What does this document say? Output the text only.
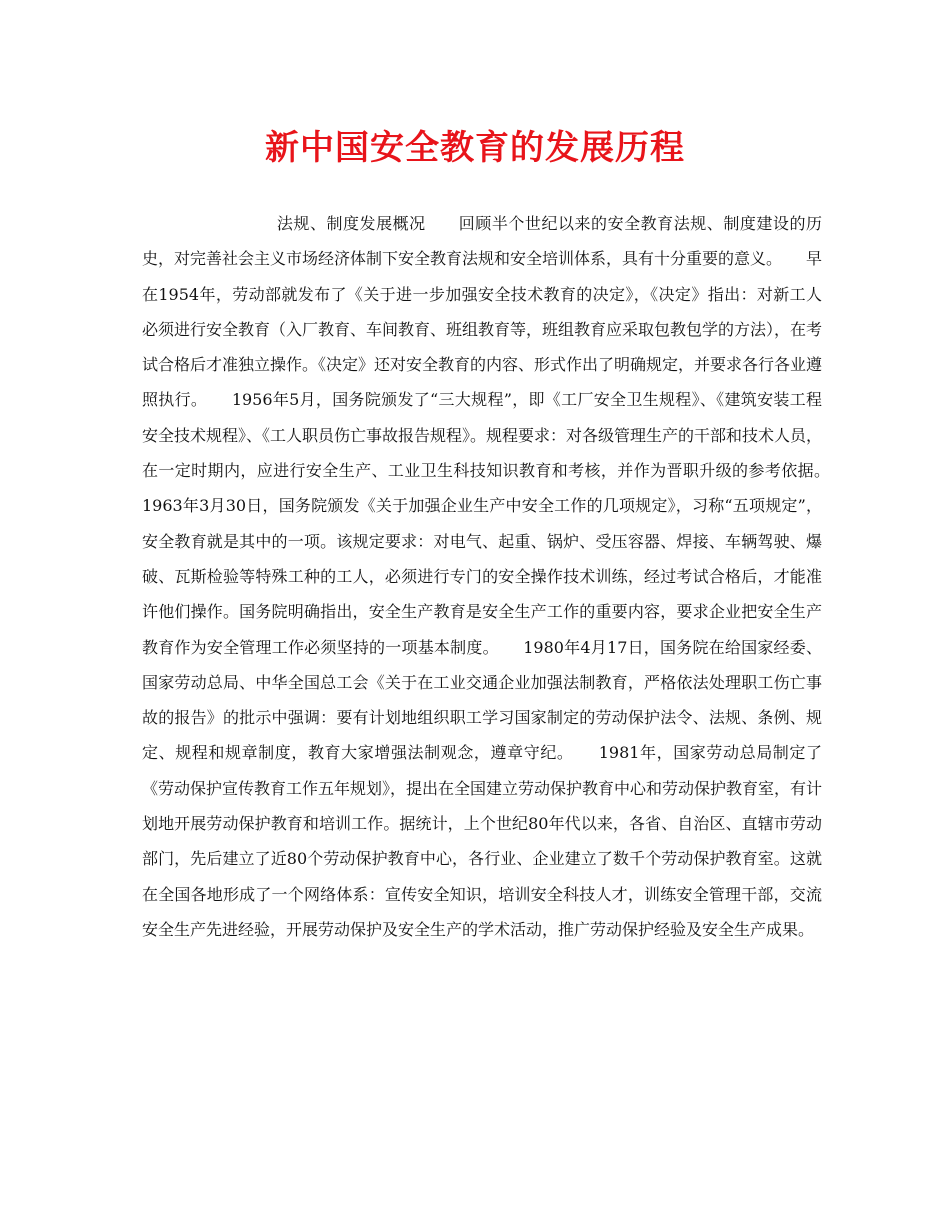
新中国安全教育的发展历程

法规、制度发展概况　　回顾半个世纪以来的安全教育法规、制度建设的历史，对完善社会主义市场经济体制下安全教育法规和安全培训体系，具有十分重要的意义。　　早在1954年，劳动部就发布了《关于进一步加强安全技术教育的决定》，《决定》指出：对新工人必须进行安全教育（入厂教育、车间教育、班组教育等，班组教育应采取包教包学的方法），在考试合格后才准独立操作。《决定》还对安全教育的内容、形式作出了明确规定，并要求各行各业遵照执行。　　1956年5月，国务院颁发了“三大规程”，即《工厂安全卫生规程》、《建筑安装工程安全技术规程》、《工人职员伤亡事故报告规程》。规程要求：对各级管理生产的干部和技术人员，在一定时期内，应进行安全生产、工业卫生科技知识教育和考核，并作为晋职升级的参考依据。　　1963年3月30日，国务院颁发《关于加强企业生产中安全工作的几项规定》，习称“五项规定”，安全教育就是其中的一项。该规定要求：对电气、起重、锅炉、受压容器、焊接、车辆驾驶、爆破、瓦斯检验等特殊工种的工人，必须进行专门的安全操作技术训练，经过考试合格后，才能准许他们操作。国务院明确指出，安全生产教育是安全生产工作的重要内容，要求企业把安全生产教育作为安全管理工作必须坚持的一项基本制度。　　1980年4月17日，国务院在给国家经委、国家劳动总局、中华全国总工会《关于在工业交通企业加强法制教育，严格依法处理职工伤亡事故的报告》的批示中强调：要有计划地组织职工学习国家制定的劳动保护法令、法规、条例、规定、规程和规章制度，教育大家增强法制观念，遵章守纪。　　1981年，国家劳动总局制定了《劳动保护宣传教育工作五年规划》，提出在全国建立劳动保护教育中心和劳动保护教育室，有计划地开展劳动保护教育和培训工作。据统计，上个世纪80年代以来，各省、自治区、直辖市劳动部门，先后建立了近80个劳动保护教育中心，各行业、企业建立了数千个劳动保护教育室。这就在全国各地形成了一个网络体系：宣传安全知识，培训安全科技人才，训练安全管理干部，交流安全生产先进经验，开展劳动保护及安全生产的学术活动，推广劳动保护经验及安全生产成果。
